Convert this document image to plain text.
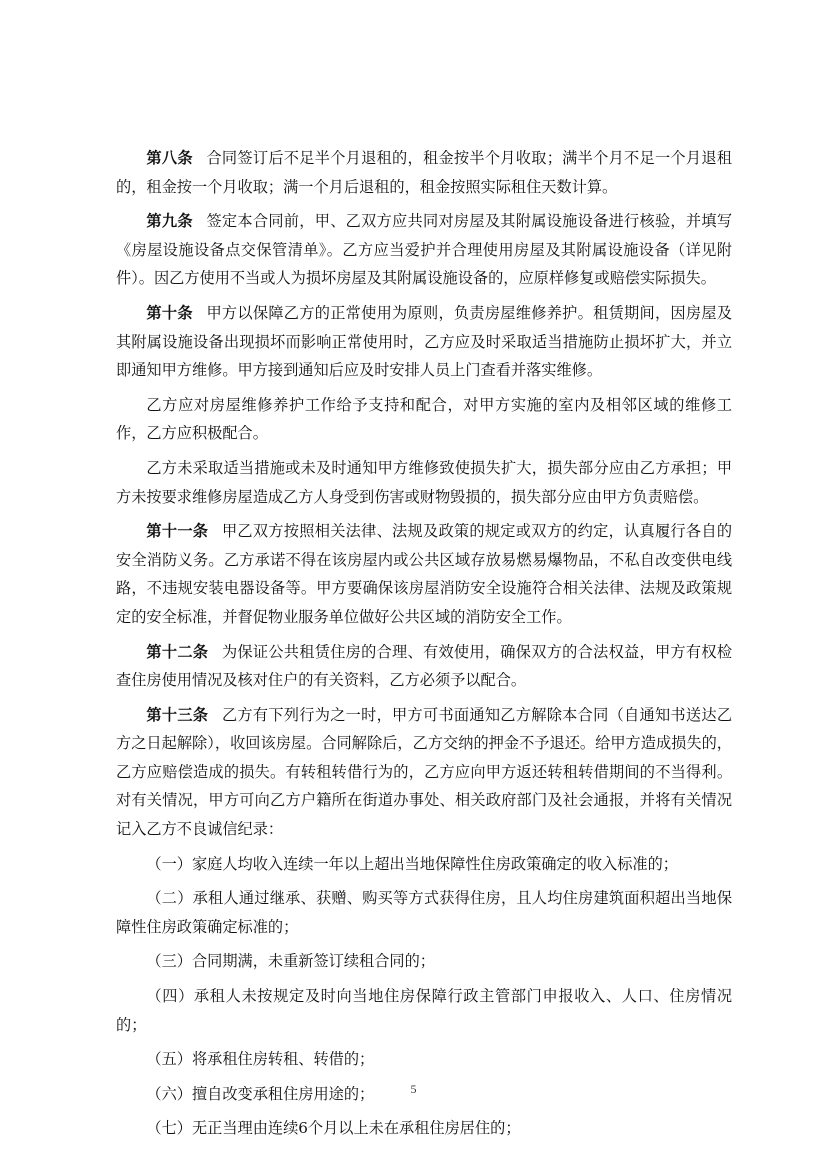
第八条 合同签订后不足半个月退租的，租金按半个月收取；满半个月不足一个月退租的，租金按一个月收取；满一个月后退租的，租金按照实际租住天数计算。

第九条 签定本合同前，甲、乙双方应共同对房屋及其附属设施设备进行核验，并填写《房屋设施设备点交保管清单》。乙方应当爱护并合理使用房屋及其附属设施设备（详见附件）。因乙方使用不当或人为损坏房屋及其附属设施设备的，应原样修复或赔偿实际损失。

第十条 甲方以保障乙方的正常使用为原则，负责房屋维修养护。租赁期间，因房屋及其附属设施设备出现损坏而影响正常使用时，乙方应及时采取适当措施防止损坏扩大，并立即通知甲方维修。甲方接到通知后应及时安排人员上门查看并落实维修。

乙方应对房屋维修养护工作给予支持和配合，对甲方实施的室内及相邻区域的维修工作，乙方应积极配合。

乙方未采取适当措施或未及时通知甲方维修致使损失扩大，损失部分应由乙方承担；甲方未按要求维修房屋造成乙方人身受到伤害或财物毁损的，损失部分应由甲方负责赔偿。

第十一条 甲乙双方按照相关法律、法规及政策的规定或双方的约定，认真履行各自的安全消防义务。乙方承诺不得在该房屋内或公共区域存放易燃易爆物品，不私自改变供电线路，不违规安装电器设备等。甲方要确保该房屋消防安全设施符合相关法律、法规及政策规定的安全标准，并督促物业服务单位做好公共区域的消防安全工作。

第十二条 为保证公共租赁住房的合理、有效使用，确保双方的合法权益，甲方有权检查住房使用情况及核对住户的有关资料，乙方必须予以配合。

第十三条 乙方有下列行为之一时，甲方可书面通知乙方解除本合同（自通知书送达乙方之日起解除），收回该房屋。合同解除后，乙方交纳的押金不予退还。给甲方造成损失的，乙方应赔偿造成的损失。有转租转借行为的，乙方应向甲方返还转租转借期间的不当得利。对有关情况，甲方可向乙方户籍所在街道办事处、相关政府部门及社会通报，并将有关情况记入乙方不良诚信纪录：

（一）家庭人均收入连续一年以上超出当地保障性住房政策确定的收入标准的；

（二）承租人通过继承、获赠、购买等方式获得住房，且人均住房建筑面积超出当地保障性住房政策确定标准的；

（三）合同期满，未重新签订续租合同的；

（四）承租人未按规定及时向当地住房保障行政主管部门申报收入、人口、住房情况的；

（五）将承租住房转租、转借的；

（六）擅自改变承租住房用途的；

（七）无正当理由连续6个月以上未在承租住房居住的；

5
